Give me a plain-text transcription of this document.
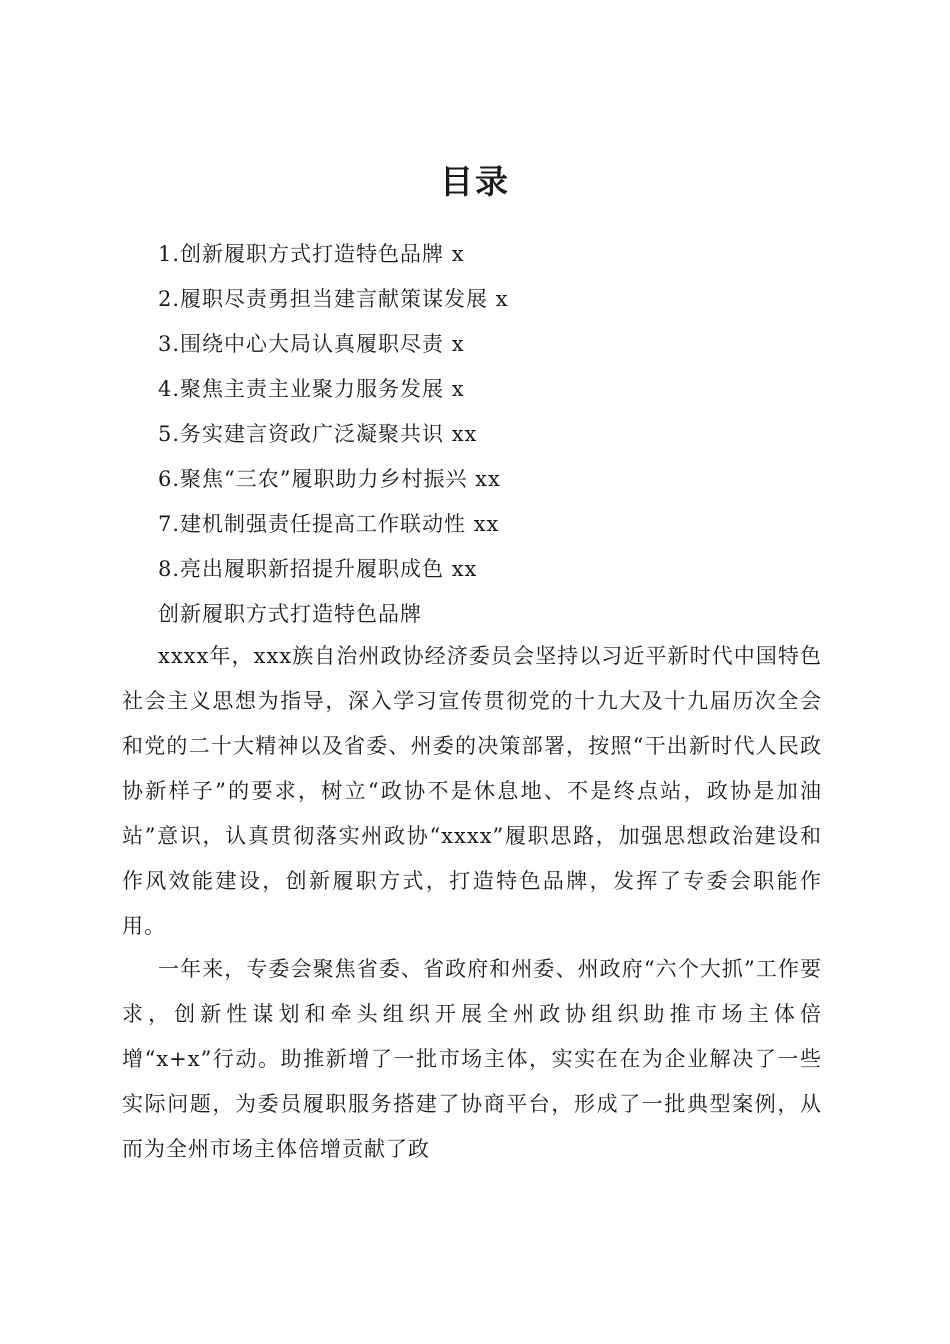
目录
1.创新履职方式打造特色品牌 x
2.履职尽责勇担当建言献策谋发展 x
3.围绕中心大局认真履职尽责 x
4.聚焦主责主业聚力服务发展 x
5.务实建言资政广泛凝聚共识 xx
6.聚焦“三农”履职助力乡村振兴 xx
7.建机制强责任提高工作联动性 xx
8.亮出履职新招提升履职成色 xx
创新履职方式打造特色品牌

xxxx年，xxx族自治州政协经济委员会坚持以习近平新时代中国特色社会主义思想为指导，深入学习宣传贯彻党的十九大及十九届历次全会和党的二十大精神以及省委、州委的决策部署，按照“干出新时代人民政协新样子”的要求，树立“政协不是休息地、不是终点站，政协是加油站”意识，认真贯彻落实州政协“xxxx”履职思路，加强思想政治建设和作风效能建设，创新履职方式，打造特色品牌，发挥了专委会职能作用。

一年来，专委会聚焦省委、省政府和州委、州政府“六个大抓”工作要求，创新性谋划和牵头组织开展全州政协组织助推市场主体倍增“x+x”行动。助推新增了一批市场主体，实实在在为企业解决了一些实际问题，为委员履职服务搭建了协商平台，形成了一批典型案例，从而为全州市场主体倍增贡献了政
